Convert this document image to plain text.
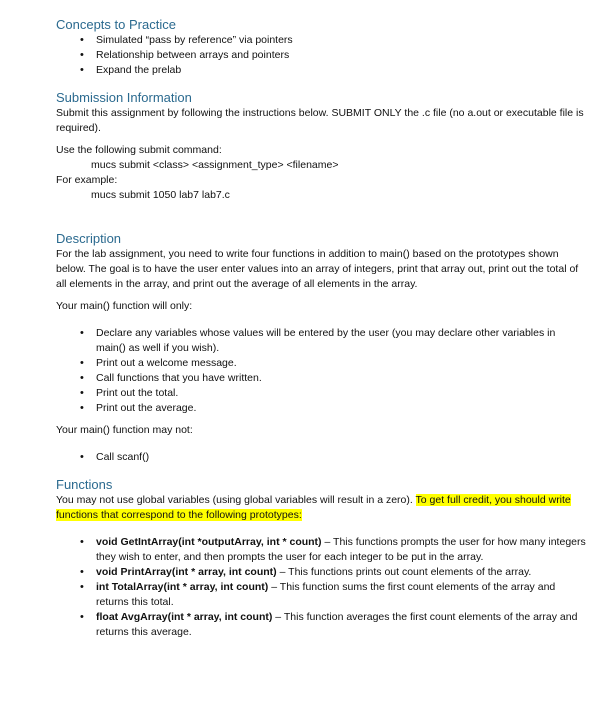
Concepts to Practice
• Simulated “pass by reference” via pointers
• Relationship between arrays and pointers
• Expand the prelab
Submission Information

Submit this assignment by following the instructions below. SUBMIT ONLY the .c file (no a.out or executable file is required).

Use the following submit command:

mucs submit <class> <assignment_type> <filename>

For example:

mucs submit 1050 lab7 lab7.c

Description

For the lab assignment, you need to write four functions in addition to main() based on the prototypes shown below. The goal is to have the user enter values into an array of integers, print that array out, print out the total of all elements in the array, and print out the average of all elements in the array.

Your main() function will only:

• Declare any variables whose values will be entered by the user (you may declare other variables in main() as well if you wish).
• Print out a welcome message.
• Call functions that you have written.
• Print out the total.
• Print out the average.

Your main() function may not:

• Call scanf()
Functions

You may not use global variables (using global variables will result in a zero). To get full credit, you should write functions that correspond to the following prototypes:

• void GetIntArray(int *outputArray, int * count) – This functions prompts the user for how many integers they wish to enter, and then prompts the user for each integer to be put in the array.
• void PrintArray(int * array, int count) – This functions prints out count elements of the array.
• int TotalArray(int * array, int count) – This function sums the first count elements of the array and returns this total.
• float AvgArray(int * array, int count) – This function averages the first count elements of the array and returns this average.
